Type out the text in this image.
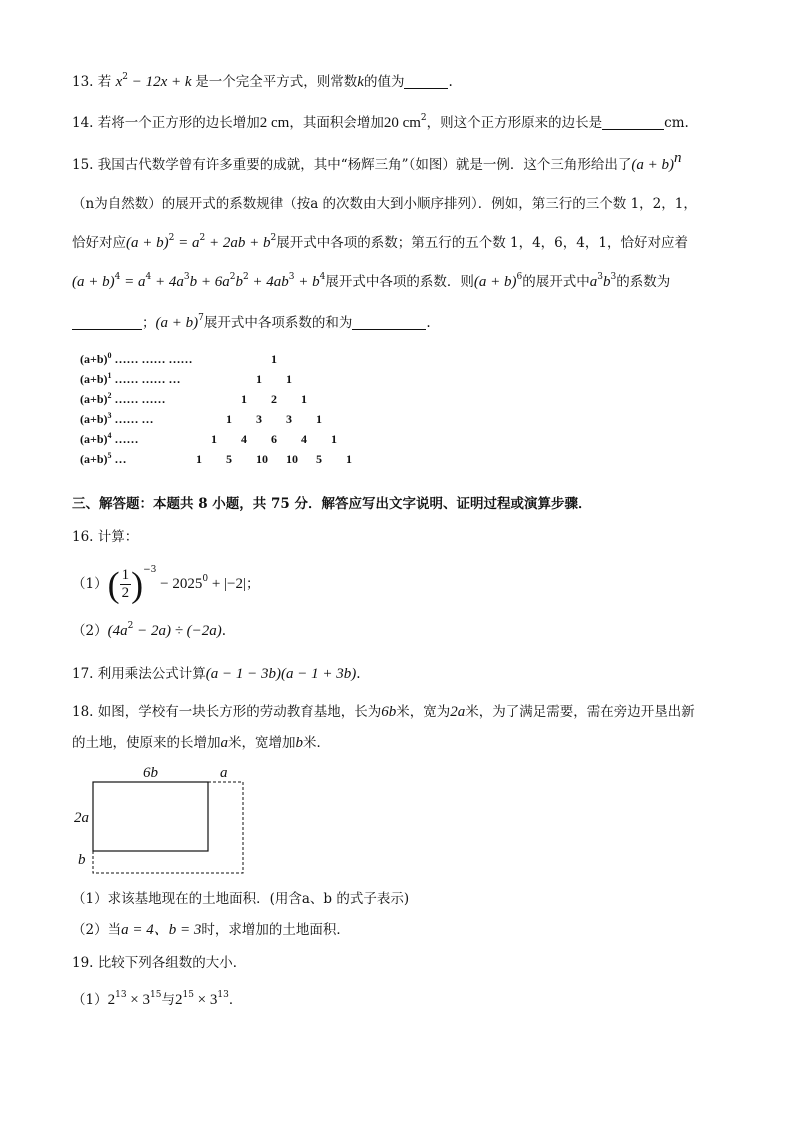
13. 若 $x^2 - 12x + k$ 是一个完全平方式，则常数k的值为	.
14. 若将一个正方形的边长增加2 cm，其面积会增加20 $cm^2$，则这个正方形原来的边长是	cm.
15. 我国古代数学曾有许多重要的成就，其中“杨辉三角”（如图）就是一例．这个三角形给出了$(a + b)^n$
（n为自然数）的展开式的系数规律（按a 的次数由大到小顺序排列）．例如，第三行的三个数 1，2，1，
恰好对应$(a + b)^2 = a^2 + 2ab + b^2$展开式中各项的系数；第五行的五个数 1，4，6，4，1，恰好对应着
$(a + b)^4 = a^4 + 4a^3b + 6a^2b^2 + 4ab^3 + b^4$展开式中各项的系数．则$(a + b)^6$的展开式中$a^3b^3$的系数为
；$(a + b)^7$展开式中各项系数的和为	.
$(a+b)^0$ …… …… ……	1
$(a+b)^1$ …… …… …	1 1
$(a+b)^2$ …… ……	1 2 1
$(a+b)^3$ …… …	1 3 3 1
$(a+b)^4$ ……	1 4 6 4 1
$(a+b)^5$ …	1 5 10 10 5 1
三、解答题：本题共 8 小题，共 75 分．解答应写出文字说明、证明过程或演算步骤．
16. 计算：
$(1)( \frac{1}{2} )^{-3} - 2025^0 + |-2|$；
$(2)(4a^2 - 2a) \div (-2a)$.
17. 利用乘法公式计算(a − 1 − 3b)(a − 1 + 3b).
18. 如图，学校有一块长方形的劳动教育基地，长为6b米，宽为2a米，为了满足需要，需在旁边开垦出新
的土地，使原来的长增加a米，宽增加b米．
6b	a
2a
b
（1）求该基地现在的土地面积．(用含a、b 的式子表示)
（2）当a = 4、b = 3时，求增加的土地面积．
19. 比较下列各组数的大小．
$(1)2^{13} \times 3^{15}$与$2^{15} \times 3^{13}$．
